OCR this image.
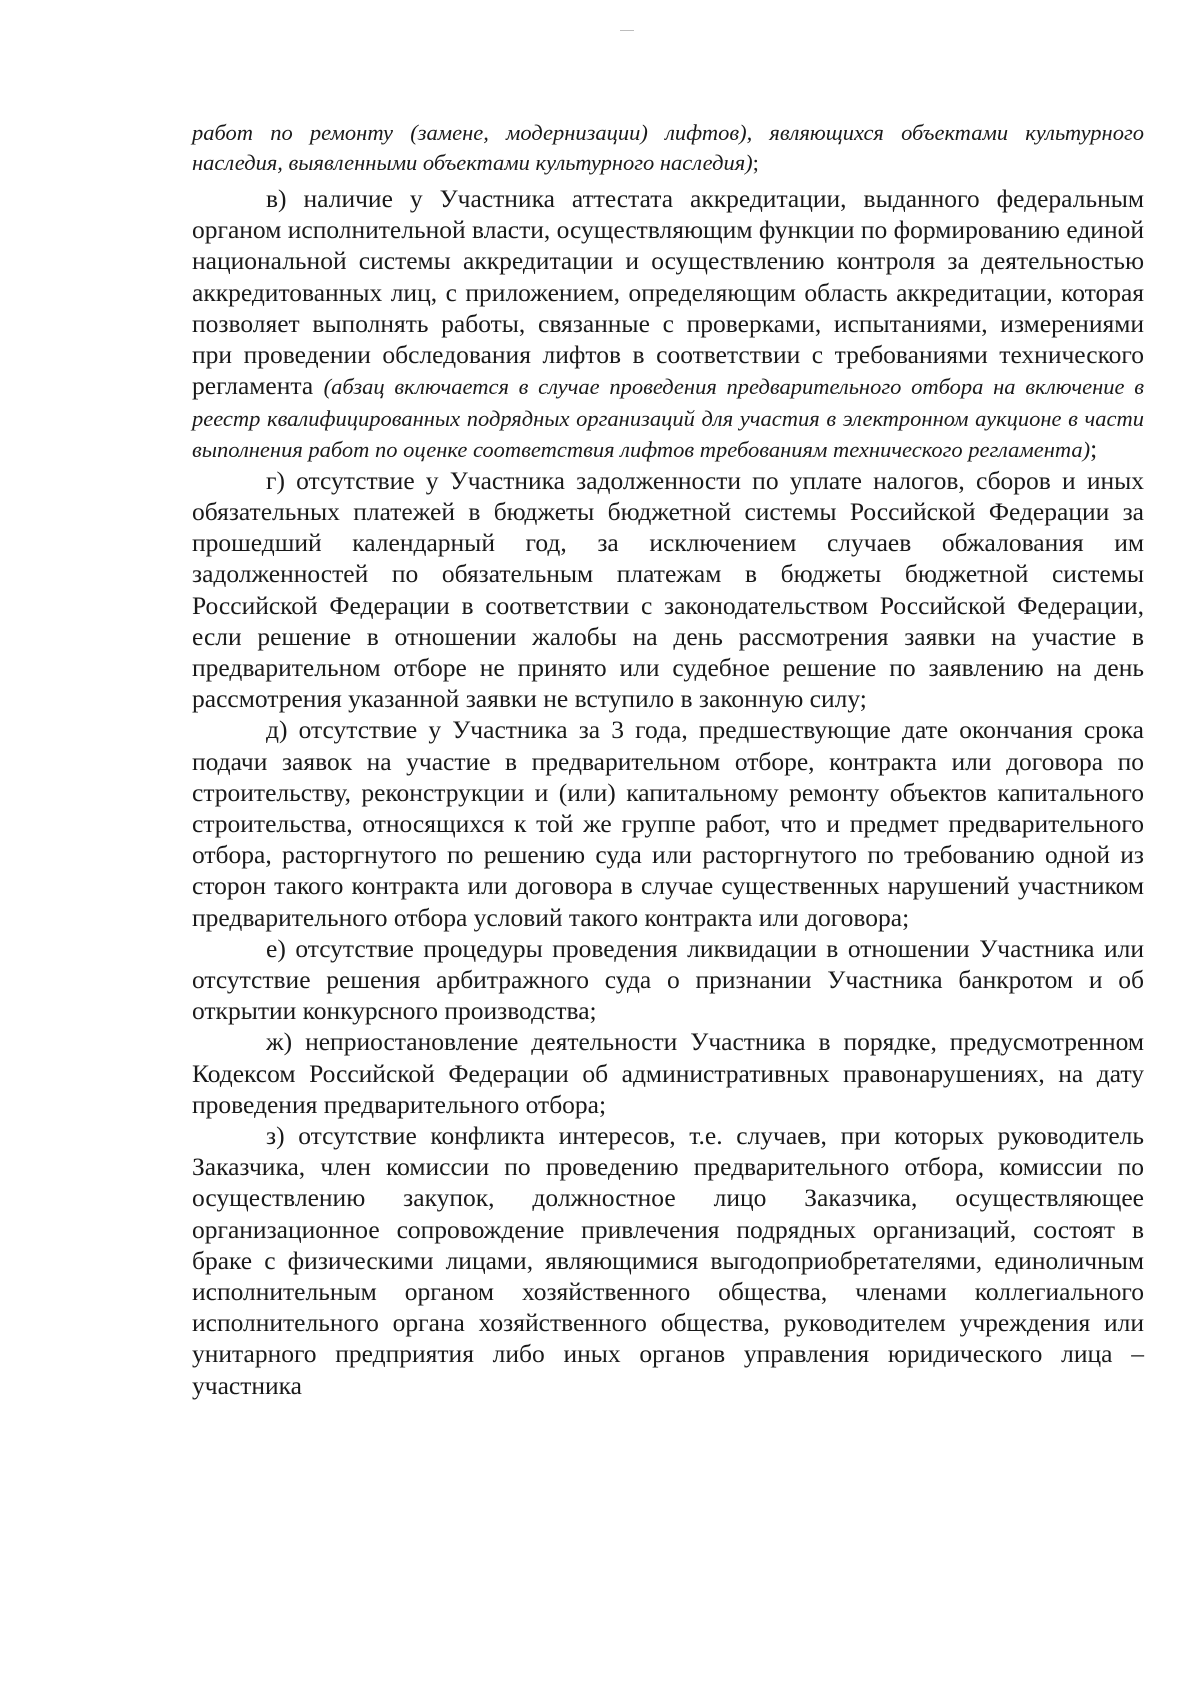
работ по ремонту (замене, модернизации) лифтов), являющихся объектами культурного наследия, выявленными объектами культурного наследия);

в) наличие у Участника аттестата аккредитации, выданного федеральным органом исполнительной власти, осуществляющим функции по формированию единой национальной системы аккредитации и осуществлению контроля за деятельностью аккредитованных лиц, с приложением, определяющим область аккредитации, которая позволяет выполнять работы, связанные с проверками, испытаниями, измерениями при проведении обследования лифтов в соответствии с требованиями технического регламента (абзац включается в случае проведения предварительного отбора на включение в реестр квалифицированных подрядных организаций для участия в электронном аукционе в части выполнения работ по оценке соответствия лифтов требованиям технического регламента);

г) отсутствие у Участника задолженности по уплате налогов, сборов и иных обязательных платежей в бюджеты бюджетной системы Российской Федерации за прошедший календарный год, за исключением случаев обжалования им задолженностей по обязательным платежам в бюджеты бюджетной системы Российской Федерации в соответствии с законодательством Российской Федерации, если решение в отношении жалобы на день рассмотрения заявки на участие в предварительном отборе не принято или судебное решение по заявлению на день рассмотрения указанной заявки не вступило в законную силу;

д) отсутствие у Участника за 3 года, предшествующие дате окончания срока подачи заявок на участие в предварительном отборе, контракта или договора по строительству, реконструкции и (или) капитальному ремонту объектов капитального строительства, относящихся к той же группе работ, что и предмет предварительного отбора, расторгнутого по решению суда или расторгнутого по требованию одной из сторон такого контракта или договора в случае существенных нарушений участником предварительного отбора условий такого контракта или договора;

е) отсутствие процедуры проведения ликвидации в отношении Участника или отсутствие решения арбитражного суда о признании Участника банкротом и об открытии конкурсного производства;

ж) неприостановление деятельности Участника в порядке, предусмотренном Кодексом Российской Федерации об административных правонарушениях, на дату проведения предварительного отбора;

з) отсутствие конфликта интересов, т.е. случаев, при которых руководитель Заказчика, член комиссии по проведению предварительного отбора, комиссии по осуществлению закупок, должностное лицо Заказчика, осуществляющее организационное сопровождение привлечения подрядных организаций, состоят в браке с физическими лицами, являющимися выгодоприобретателями, единоличным исполнительным органом хозяйственного общества, членами коллегиального исполнительного органа хозяйственного общества, руководителем учреждения или унитарного предприятия либо иных органов управления юридического лица – участника
